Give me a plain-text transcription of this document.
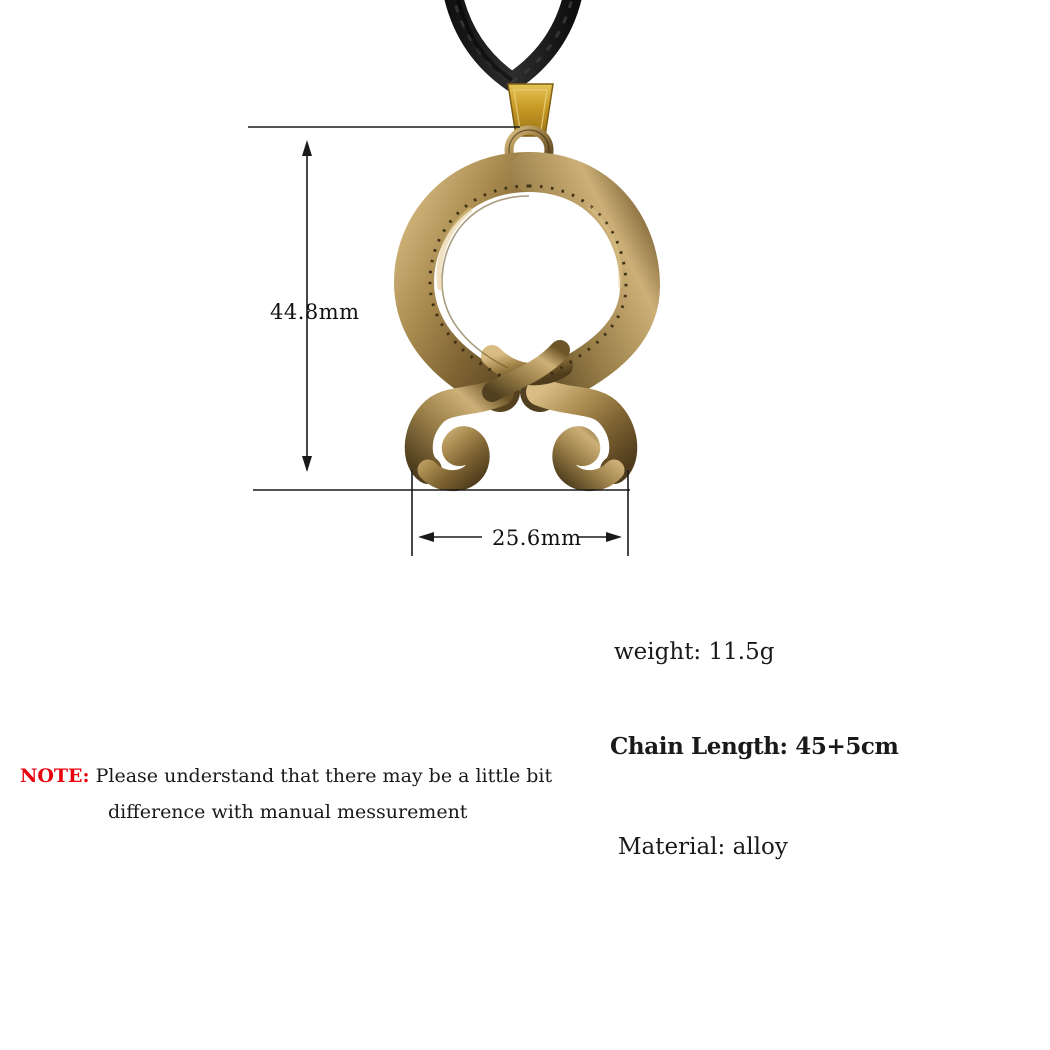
44.8mm
25.6mm
weight: 11.5g
Chain Length: 45+5cm
Material: alloy
NOTE: Please understand that there may be a little bit
difference with manual messurement
